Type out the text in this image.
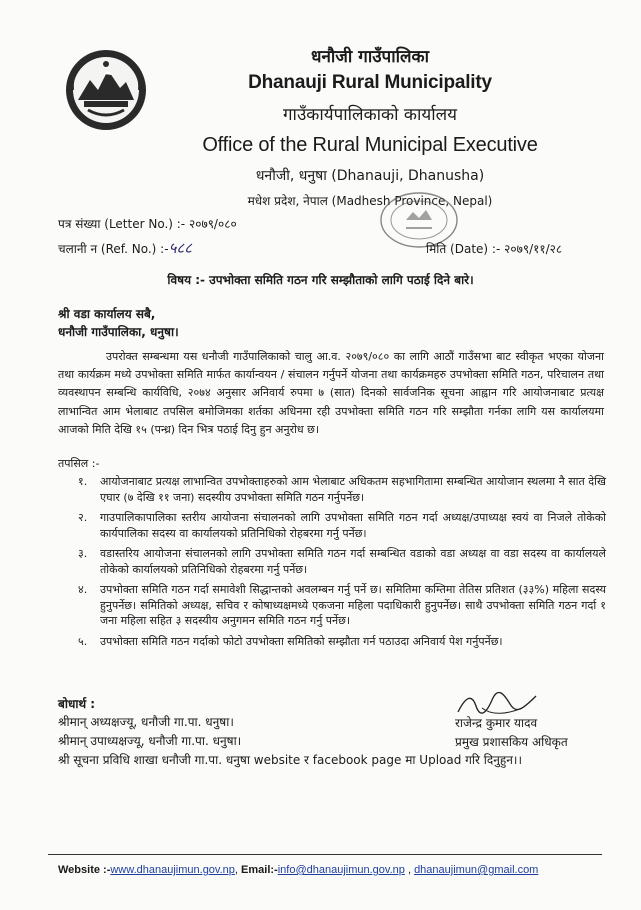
धनौजी गाउँपालिका
Dhanauji Rural Municipality
गाउँकार्यपालिकाको कार्यालय
Office of the Rural Municipal Executive
धनौजी, धनुषा (Dhanauji, Dhanusha)
मधेश प्रदेश, नेपाल (Madhesh Province, Nepal)
पत्र संख्या (Letter No.) :- २०७९/०८०
चलानी न (Ref. No.) :-५८८	मिति (Date) :- २०७९/११/२८
विषय :- उपभोक्ता समिति गठन गरि सम्झौताको लागि पठाई दिने बारे।
श्री वडा कार्यालय सबै,
धनौजी गाउँपालिका, धनुषा।
उपरोक्त सम्बन्धमा यस धनौजी गाउँपालिकाको चालु आ.व. २०७९/०८० का लागि आठौं गाउँसभा बाट स्वीकृत भएका योजना तथा कार्यक्रम मध्ये उपभोक्ता समिति मार्फत कार्यान्वयन / संचालन गर्नुपर्ने योजना तथा कार्यक्रमहरु उपभोक्ता समिति गठन, परिचालन तथा व्यवस्थापन सम्बन्धि कार्यविधि, २०७४ अनुसार अनिवार्य रुपमा ७ (सात) दिनको सार्वजनिक सूचना आह्वान गरि आयोजनाबाट प्रत्यक्ष लाभान्वित आम भेलाबाट तपसिल बमोजिमका शर्तका अधिनमा रही उपभोक्ता समिति गठन गरि सम्झौता गर्नका लागि यस कार्यालयमा आजको मिति देखि १५ (पन्ध्र) दिन भित्र पठाई दिनु हुन अनुरोध छ।
तपसिल :-
१. आयोजनाबाट प्रत्यक्ष लाभान्वित उपभोक्ताहरुको आम भेलाबाट अधिकतम सहभागितामा सम्बन्धित आयोजान स्थलमा नै सात देखि एघार (७ देखि ११ जना) सदस्यीय उपभोक्ता समिति गठन गर्नुपर्नेछ।
२. गाउपालिकापालिका स्तरीय आयोजना संचालनको लागि उपभोक्ता समिति गठन गर्दा अध्यक्ष/उपाध्यक्ष स्वयं वा निजले तोकेको कार्यपालिका सदस्य वा कार्यालयको प्रतिनिधिको रोहबरमा गर्नु पर्नेछ।
३. वडास्तरिय आयोजना संचालनको लागि उपभोक्ता समिति गठन गर्दा सम्बन्धित वडाको वडा अध्यक्ष वा वडा सदस्य वा कार्यालयले तोकेको कार्यालयको प्रतिनिधिको रोहबरमा गर्नु पर्नेछ।
४. उपभोक्ता समिति गठन गर्दा समावेशी सिद्धान्तको अवलम्बन गर्नु पर्ने छ। समितिमा कम्तिमा तेतिस प्रतिशत (३३%) महिला सदस्य हुनुपर्नेछ। समितिको अध्यक्ष, सचिव र कोषाध्यक्षमध्ये एकजना महिला पदाधिकारी हुनुपर्नेछ। साथै उपभोक्ता समिति गठन गर्दा १ जना महिला सहित ३ सदस्यीय अनुगमन समिति गठन गर्नु पर्नेछ।
५. उपभोक्ता समिति गठन गर्दाको फोटो उपभोक्ता समितिको सम्झौता गर्न पठाउदा अनिवार्य पेश गर्नुपर्नेछ।
बोधार्थ :
श्रीमान् अध्यक्षज्यू, धनौजी गा.पा. धनुषा।
श्रीमान् उपाध्यक्षज्यू, धनौजी गा.पा. धनुषा।
श्री सूचना प्रविधि शाखा धनौजी गा.पा. धनुषा website र facebook page मा Upload गरि दिनुहुन।।
राजेन्द्र कुमार यादव
प्रमुख प्रशासकिय अधिकृत
Website :-www.dhanaujimun.gov.np, Email:-info@dhanaujimun.gov.np , dhanaujimun@gmail.com
